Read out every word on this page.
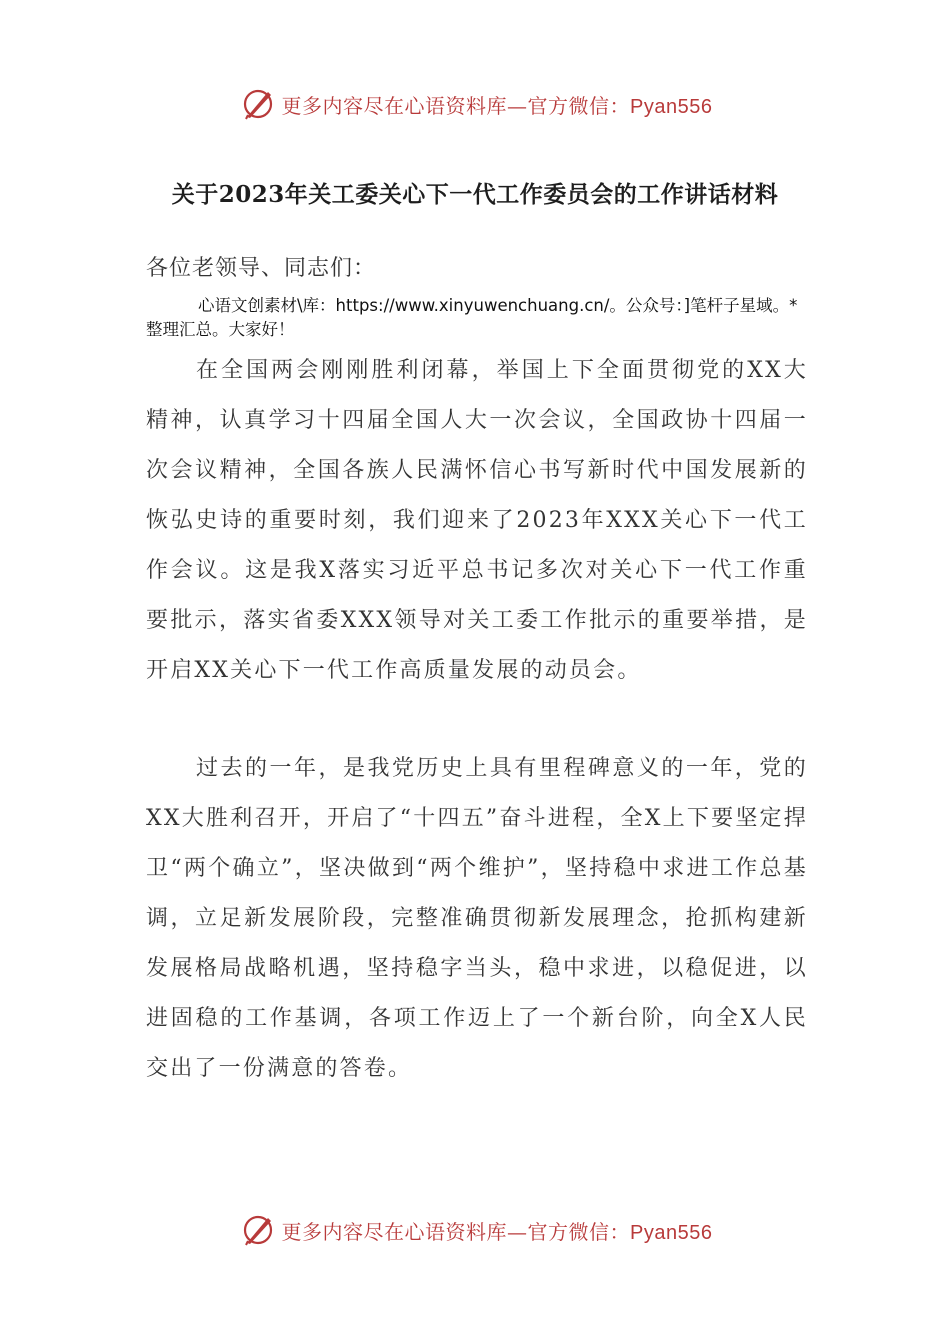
更多内容尽在心语资料库—官方微信：Pyan556
关于2023年关工委关心下一代工作委员会的工作讲话材料

各位老领导、同志们：

心语文创素材\库：https://www.xinyuwenchuang.cn/。公众号：]笔杆子星域。*整理汇总。大家好！

在全国两会刚刚胜利闭幕，举国上下全面贯彻党的XX大精神，认真学习十四届全国人大一次会议，全国政协十四届一次会议精神，全国各族人民满怀信心书写新时代中国发展新的恢弘史诗的重要时刻，我们迎来了2023年XXX关心下一代工作会议。这是我X落实习近平总书记多次对关心下一代工作重要批示，落实省委XXX领导对关工委工作批示的重要举措，是开启XX关心下一代工作高质量发展的动员会。

过去的一年，是我党历史上具有里程碑意义的一年，党的XX大胜利召开，开启了“十四五”奋斗进程，全X上下要坚定捍卫“两个确立”，坚决做到“两个维护”，坚持稳中求进工作总基调，立足新发展阶段，完整准确贯彻新发展理念，抢抓构建新发展格局战略机遇，坚持稳字当头，稳中求进，以稳促进，以进固稳的工作基调，各项工作迈上了一个新台阶，向全X人民交出了一份满意的答卷。

更多内容尽在心语资料库—官方微信：Pyan556
